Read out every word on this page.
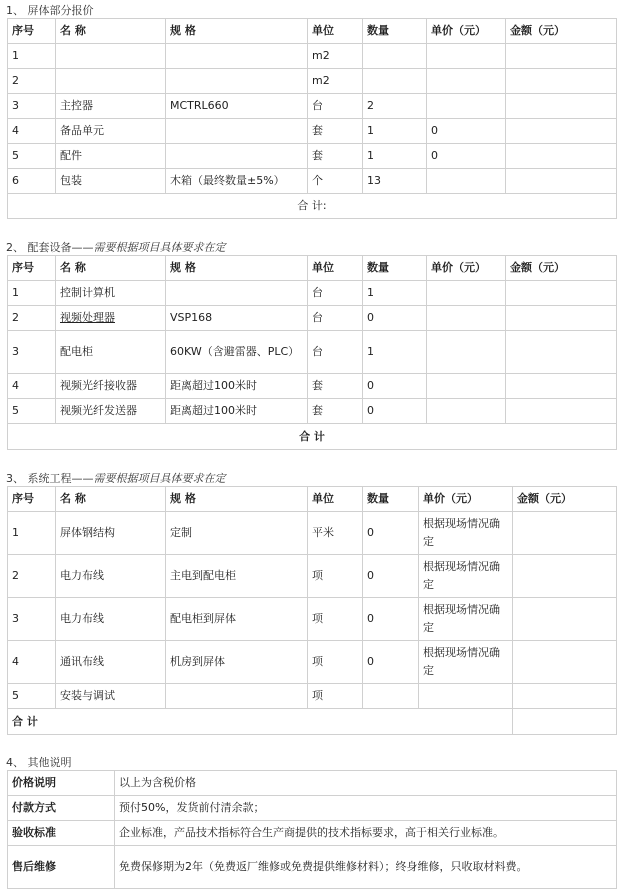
1、 屏体部分报价
序号	名 称	规 格	单位	数量	单价（元）	金额（元）
1			m2			
2			m2			
3	主控器	MCTRL660	台	2		
4	备品单元		套	1	0	
5	配件		套	1	0	
6	包装	木箱（最终数量±5%）	个	13		
合 计:						
2、 配套设备——需要根据项目具体要求在定
序号	名 称	规 格	单位	数量	单价（元）	金额（元）
1	控制计算机		台	1		
2	视频处理器	VSP168	台	0		
3	配电柜	60KW（含避雷器、PLC）	台	1		
4	视频光纤接收器	距离超过100米时	套	0		
5	视频光纤发送器	距离超过100米时	套	0		
合 计						
3、 系统工程——需要根据项目具体要求在定
序号	名 称	规 格	单位	数量	单价（元）	金额（元）
1	屏体钢结构	定制	平米	0	根据现场情况确定	
2	电力布线	主电到配电柜	项	0	根据现场情况确定	
3	电力布线	配电柜到屏体	项	0	根据现场情况确定	
4	通讯布线	机房到屏体	项	0	根据现场情况确定	
5	安装与调试		项			
合 计						
4、 其他说明
价格说明	以上为含税价格
付款方式	预付50%，发货前付清余款；
验收标准	企业标准，产品技术指标符合生产商提供的技术指标要求，高于相关行业标准。
售后维修	免费保修期为2年（免费返厂维修或免费提供维修材料）；终身维修，只收取材料费。
